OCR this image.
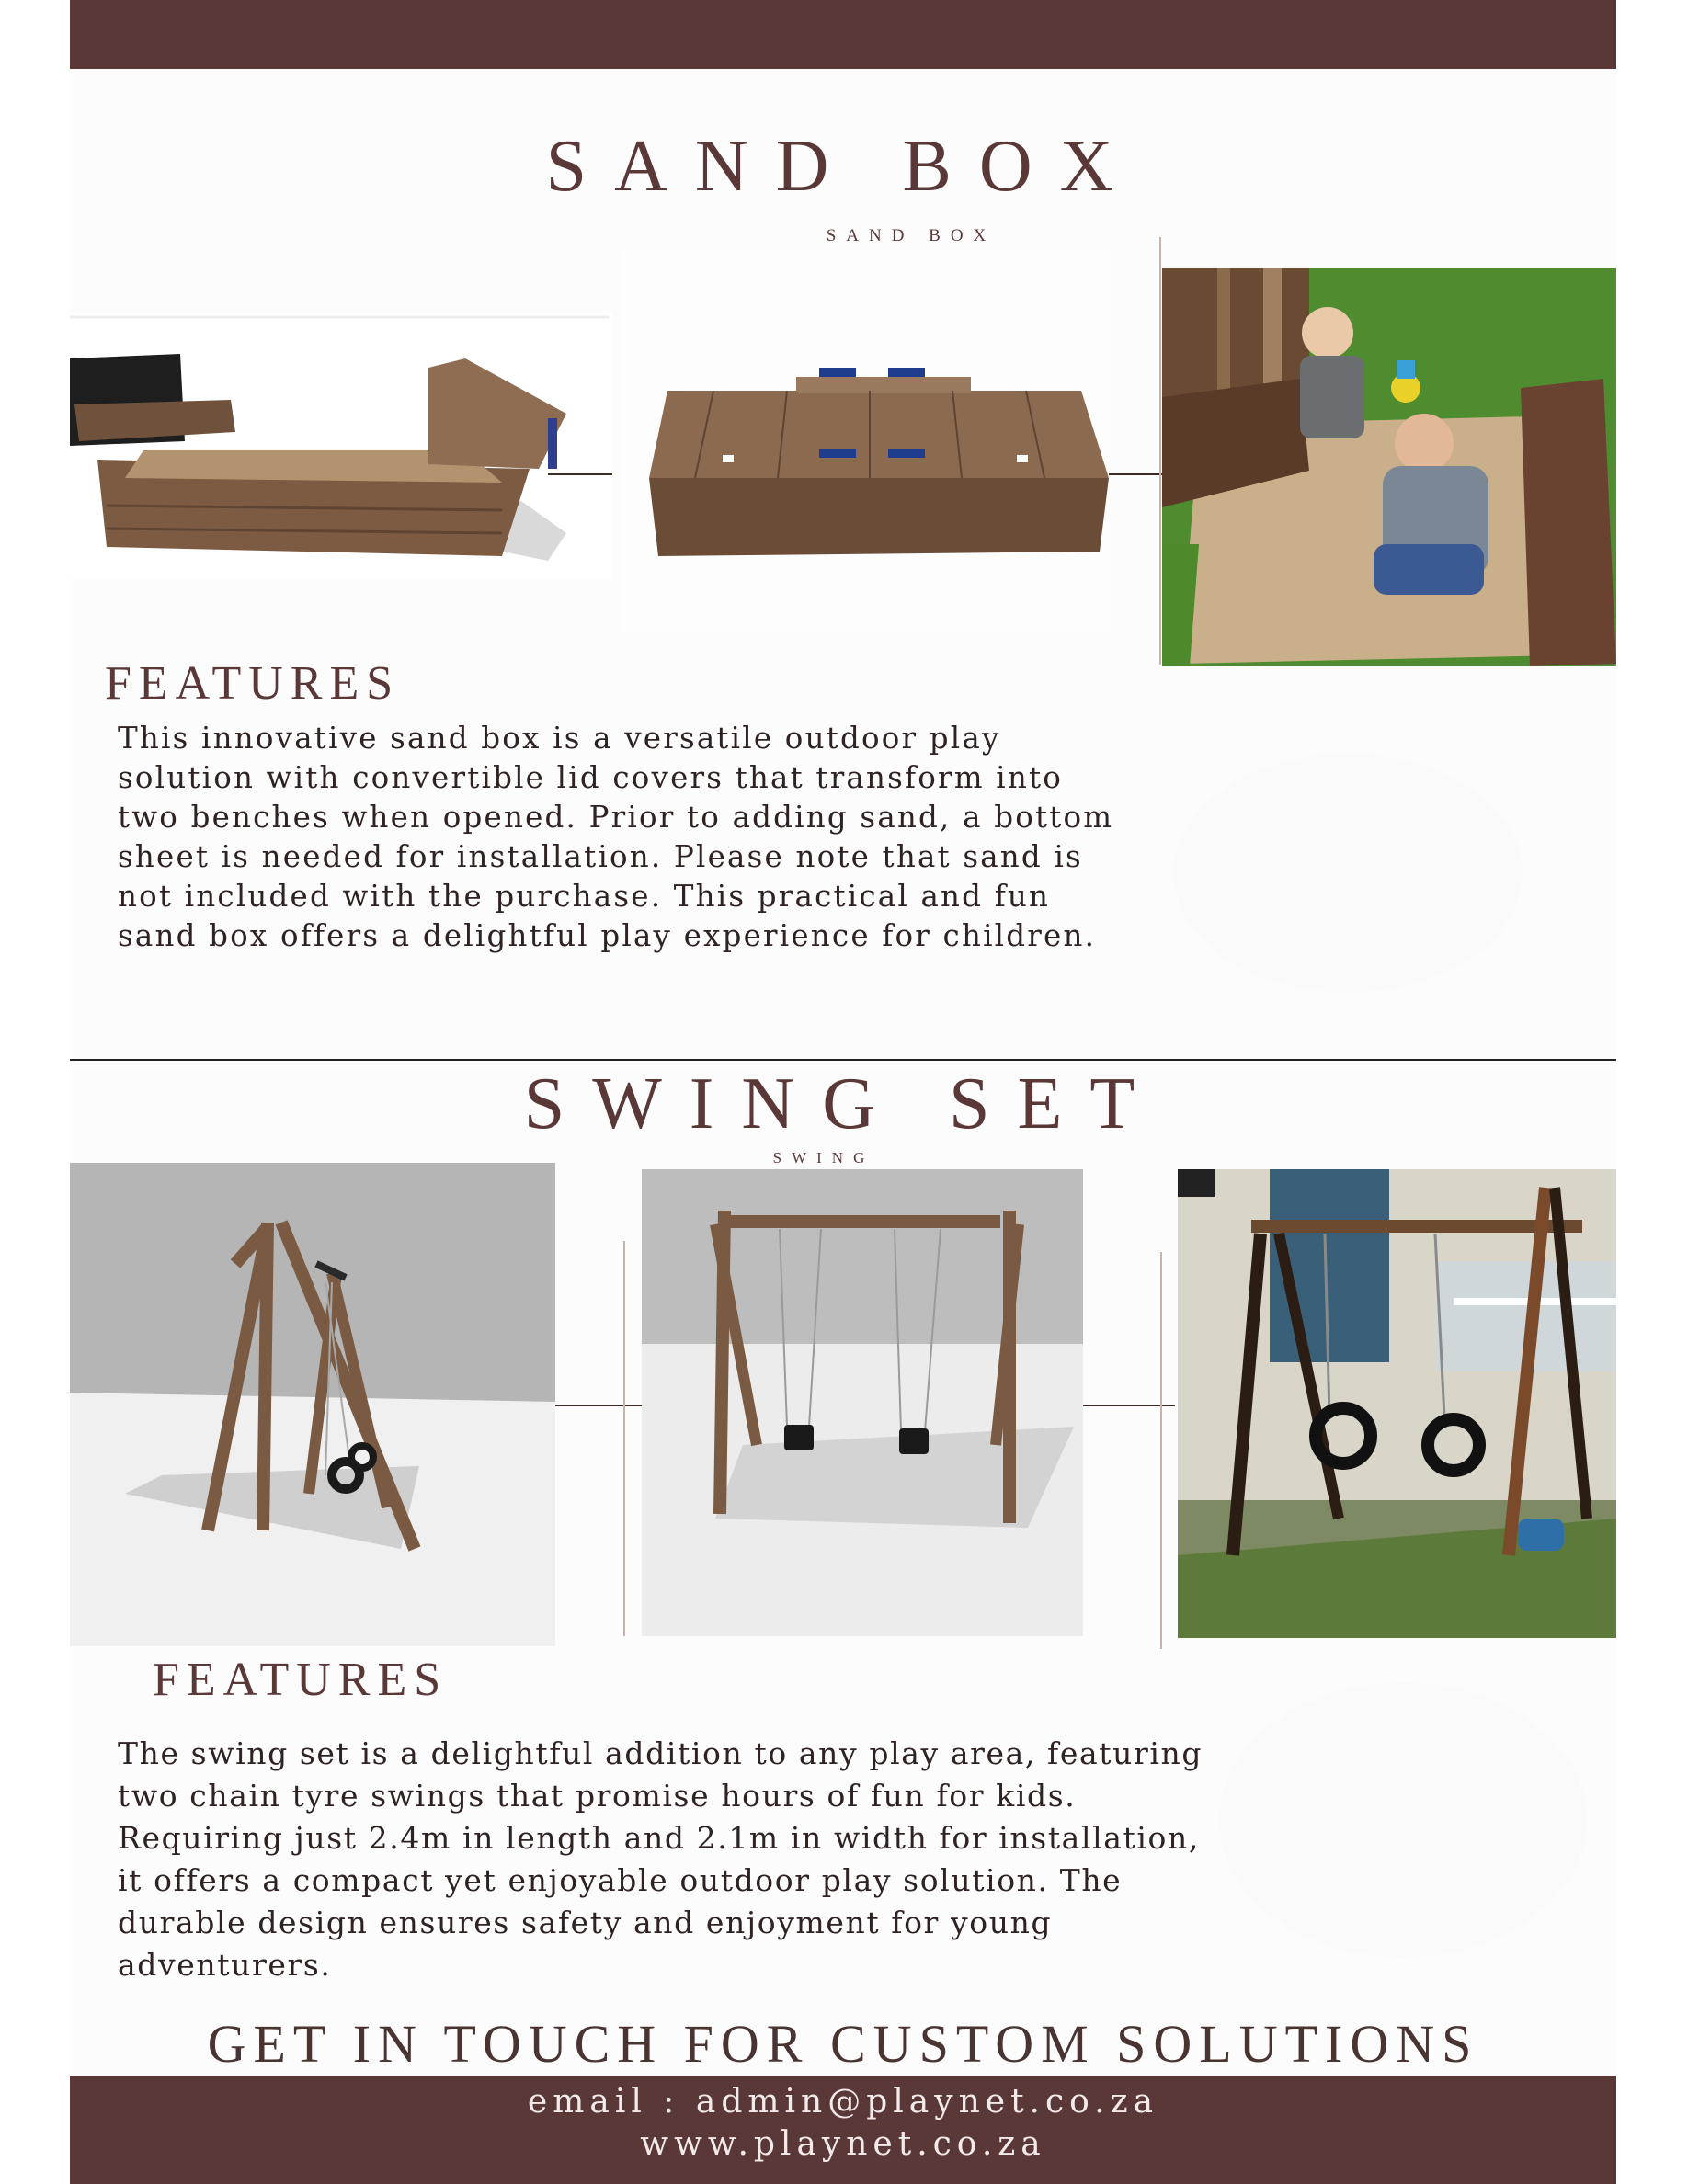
SAND BOX
SAND BOX
FEATURES
This innovative sand box is a versatile outdoor play
solution with convertible lid covers that transform into
two benches when opened. Prior to adding sand, a bottom
sheet is needed for installation. Please note that sand is
not included with the purchase. This practical and fun
sand box offers a delightful play experience for children.
SWING SET
SWING
FEATURES
The swing set is a delightful addition to any play area, featuring
two chain tyre swings that promise hours of fun for kids.
Requiring just 2.4m in length and 2.1m in width for installation,
it offers a compact yet enjoyable outdoor play solution. The
durable design ensures safety and enjoyment for young
adventurers.
GET IN TOUCH FOR CUSTOM SOLUTIONS
email : admin@playnet.co.za
www.playnet.co.za
